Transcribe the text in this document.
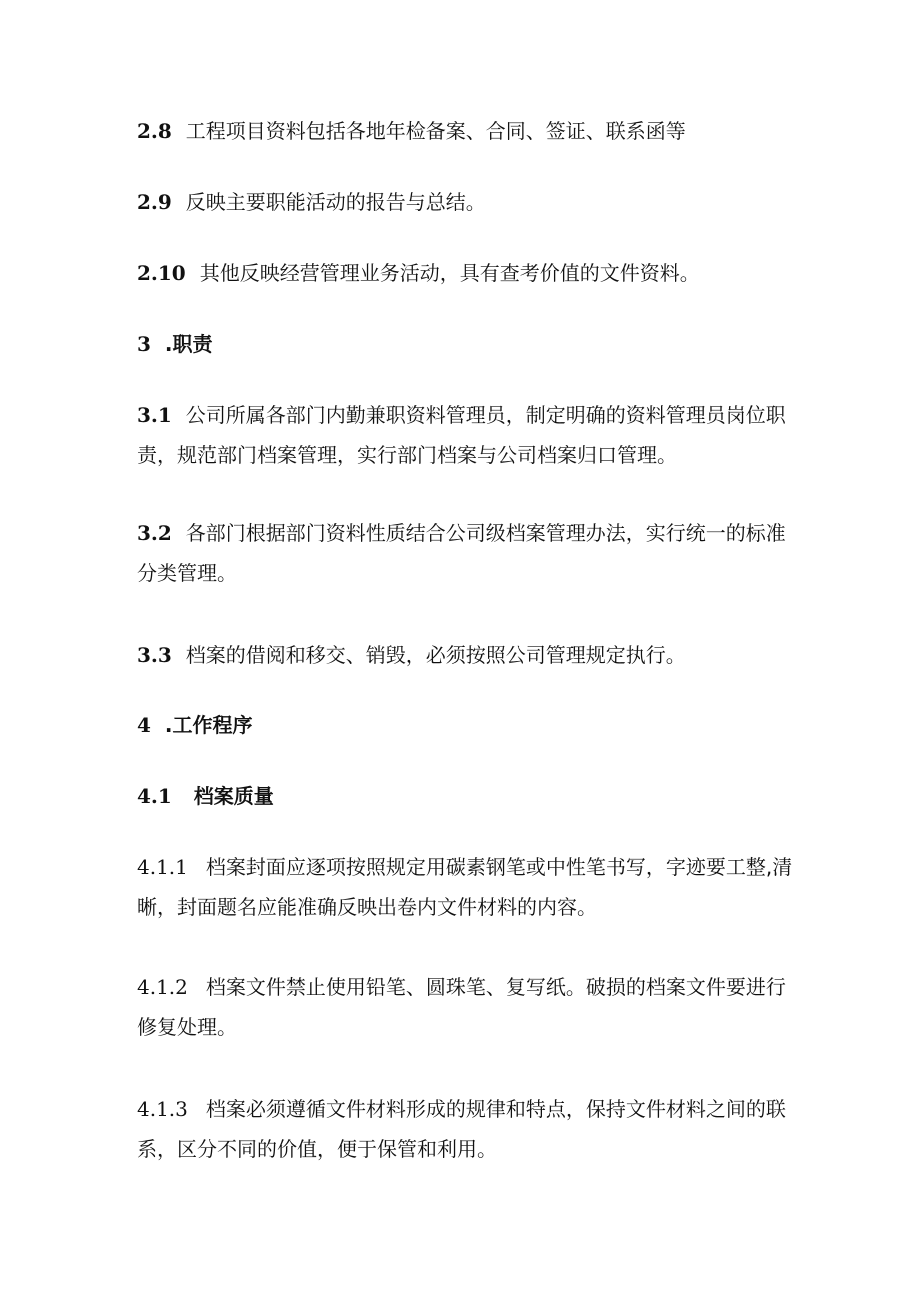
2.8 工程项目资料包括各地年检备案、合同、签证、联系函等

2.9 反映主要职能活动的报告与总结。

2.10 其他反映经营管理业务活动，具有查考价值的文件资料。

3 .职责

3.1 公司所属各部门内勤兼职资料管理员，制定明确的资料管理员岗位职
责，规范部门档案管理，实行部门档案与公司档案归口管理。

3.2 各部门根据部门资料性质结合公司级档案管理办法，实行统一的标准
分类管理。

3.3 档案的借阅和移交、销毁，必须按照公司管理规定执行。

4 .工作程序

4.1 档案质量

4.1.1 档案封面应逐项按照规定用碳素钢笔或中性笔书写，字迹要工整,清
晰，封面题名应能准确反映出卷内文件材料的内容。

4.1.2 档案文件禁止使用铅笔、圆珠笔、复写纸。破损的档案文件要进行
修复处理。

4.1.3 档案必须遵循文件材料形成的规律和特点，保持文件材料之间的联
系，区分不同的价值，便于保管和利用。
